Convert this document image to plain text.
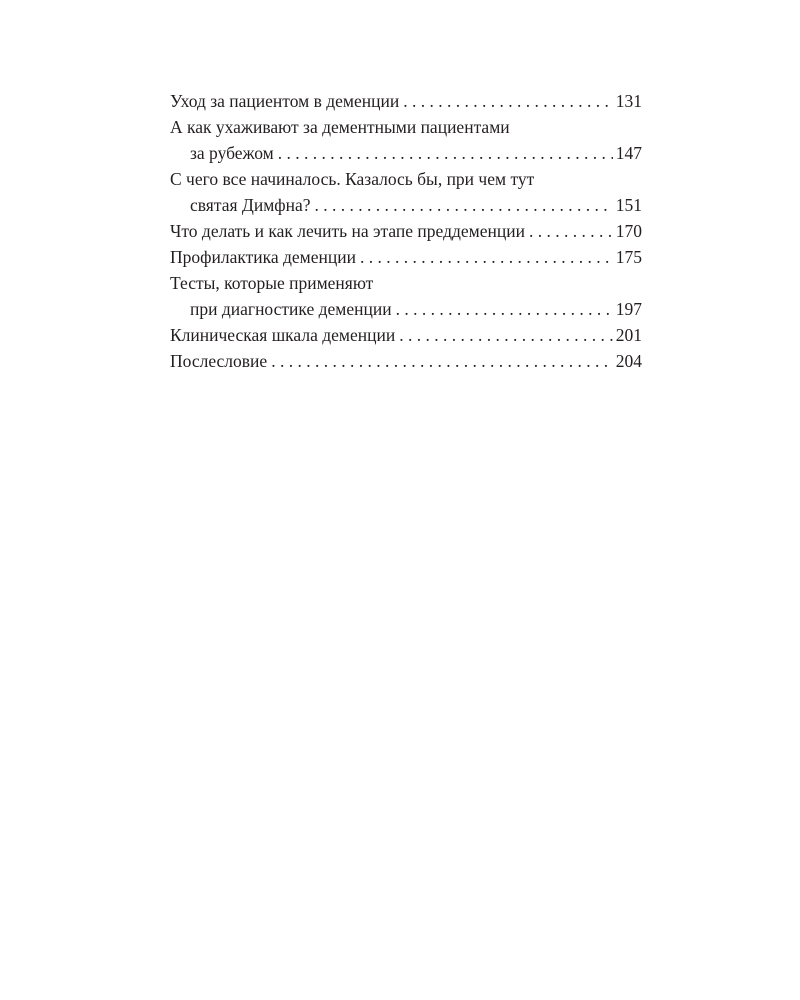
Уход за пациентом в деменции . . .	131
А как ухаживают за дементными пациентами
за рубежом . . .	147
С чего все начиналось. Казалось бы, при чем тут
святая Димфна? . . .	151
Что делать и как лечить на этапе преддеменции . . .	170
Профилактика деменции . . .	175
Тесты, которые применяют
при диагностике деменции . . .	197
Клиническая шкала деменции . . .	201
Послесловие . . .	204
